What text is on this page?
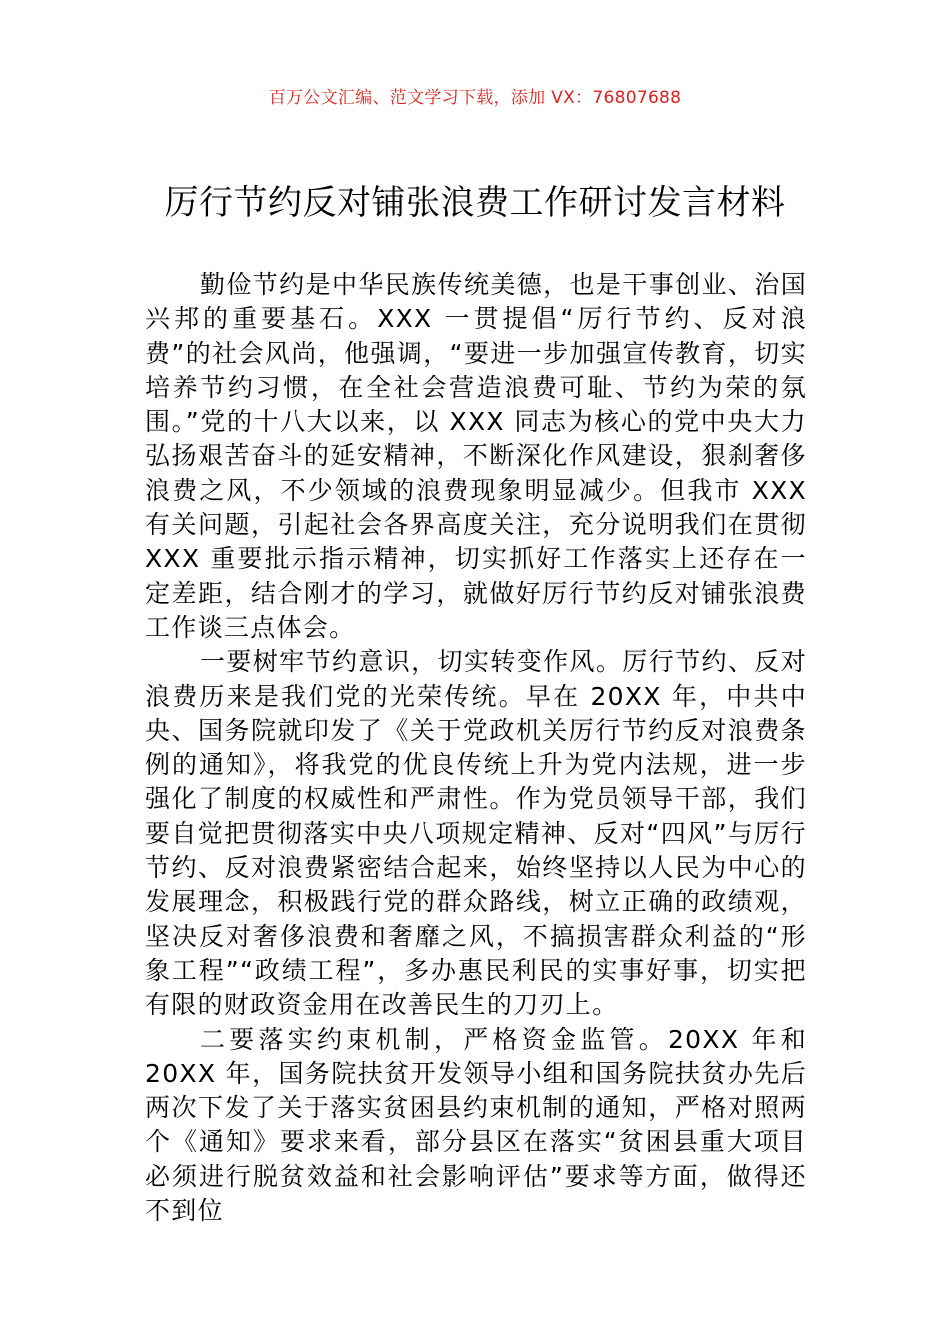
百万公文汇编、范文学习下载，添加 VX：76807688
厉行节约反对铺张浪费工作研讨发言材料

勤俭节约是中华民族传统美德，也是干事创业、治国兴邦的重要基石。XXX 一贯提倡“厉行节约、反对浪费”的社会风尚，他强调，“要进一步加强宣传教育，切实培养节约习惯，在全社会营造浪费可耻、节约为荣的氛围。”党的十八大以来，以 XXX 同志为核心的党中央大力弘扬艰苦奋斗的延安精神，不断深化作风建设，狠刹奢侈浪费之风，不少领域的浪费现象明显减少。但我市 XXX 有关问题，引起社会各界高度关注，充分说明我们在贯彻 XXX 重要批示指示精神，切实抓好工作落实上还存在一定差距，结合刚才的学习，就做好厉行节约反对铺张浪费工作谈三点体会。

一要树牢节约意识，切实转变作风。厉行节约、反对浪费历来是我们党的光荣传统。早在 20XX 年，中共中央、国务院就印发了《关于党政机关厉行节约反对浪费条例的通知》，将我党的优良传统上升为党内法规，进一步强化了制度的权威性和严肃性。作为党员领导干部，我们要自觉把贯彻落实中央八项规定精神、反对“四风”与厉行节约、反对浪费紧密结合起来，始终坚持以人民为中心的发展理念，积极践行党的群众路线，树立正确的政绩观，坚决反对奢侈浪费和奢靡之风，不搞损害群众利益的“形象工程”“政绩工程”，多办惠民利民的实事好事，切实把有限的财政资金用在改善民生的刀刃上。

二要落实约束机制，严格资金监管。20XX 年和 20XX 年，国务院扶贫开发领导小组和国务院扶贫办先后两次下发了关于落实贫困县约束机制的通知，严格对照两个《通知》要求来看，部分县区在落实“贫困县重大项目必须进行脱贫效益和社会影响评估”要求等方面，做得还不到位
